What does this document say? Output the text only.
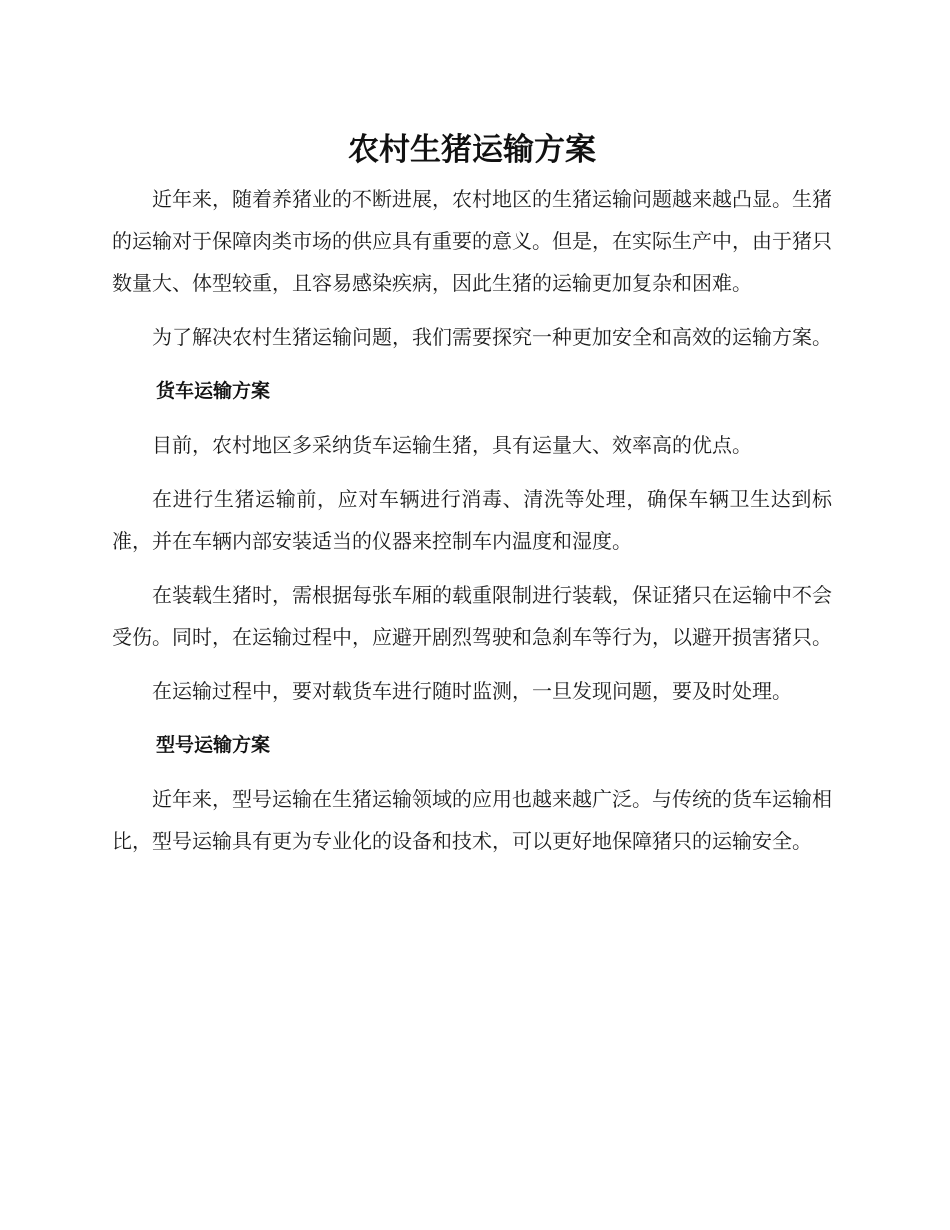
农村生猪运输方案

近年来，随着养猪业的不断进展，农村地区的生猪运输问题越来越凸显。生猪的运输对于保障肉类市场的供应具有重要的意义。但是，在实际生产中，由于猪只数量大、体型较重，且容易感染疾病，因此生猪的运输更加复杂和困难。

为了解决农村生猪运输问题，我们需要探究一种更加安全和高效的运输方案。

货车运输方案

目前，农村地区多采纳货车运输生猪，具有运量大、效率高的优点。

在进行生猪运输前，应对车辆进行消毒、清洗等处理，确保车辆卫生达到标准，并在车辆内部安装适当的仪器来控制车内温度和湿度。

在装载生猪时，需根据每张车厢的载重限制进行装载，保证猪只在运输中不会受伤。同时，在运输过程中，应避开剧烈驾驶和急刹车等行为，以避开损害猪只。

在运输过程中，要对载货车进行随时监测，一旦发现问题，要及时处理。

型号运输方案

近年来，型号运输在生猪运输领域的应用也越来越广泛。与传统的货车运输相比，型号运输具有更为专业化的设备和技术，可以更好地保障猪只的运输安全。
